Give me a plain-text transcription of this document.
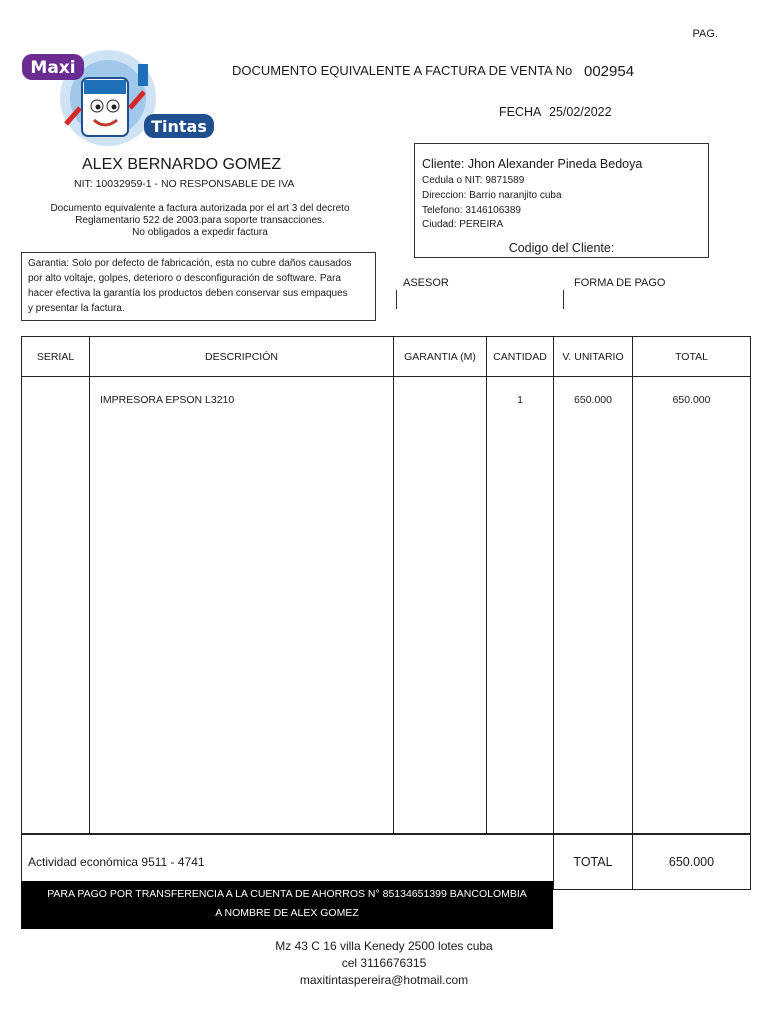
PAG.
DOCUMENTO EQUIVALENTE A FACTURA DE VENTA No 002954
FECHA 25/02/2022
Maxi
Tintas
ALEX BERNARDO GOMEZ
NIT: 10032959-1 - NO RESPONSABLE DE IVA
Documento equivalente a factura autorizada por el art 3 del decreto
Reglamentario 522 de 2003.para soporte transacciones.
No obligados a expedir factura
Cliente: Jhon Alexander Pineda Bedoya
Cedula o NIT: 9871589
Direccion: Barrio naranjito cuba
Telefono: 3146106389
Ciudad: PEREIRA
Codigo del Cliente:
Garantia: Solo por defecto de fabricación, esta no cubre daños causados
por alto voltaje, golpes, deterioro o desconfiguración de software. Para
hacer efectiva la garantía los productos deben conservar sus empaques
y presentar la factura.
ASESOR	FORMA DE PAGO
SERIAL	DESCRIPCIÓN	GARANTIA (M)	CANTIDAD	V. UNITARIO	TOTAL

	IMPRESORA EPSON L3210		1	650.000	650.000

Actividad económica 9511 - 4741				TOTAL	650.000
PARA PAGO POR TRANSFERENCIA A LA CUENTA DE AHORROS N° 85134651399 BANCOLOMBIA
A NOMBRE DE ALEX GOMEZ
Mz 43 C 16 villa Kenedy 2500 lotes cuba
cel 3116676315
maxitintaspereira@hotmail.com
